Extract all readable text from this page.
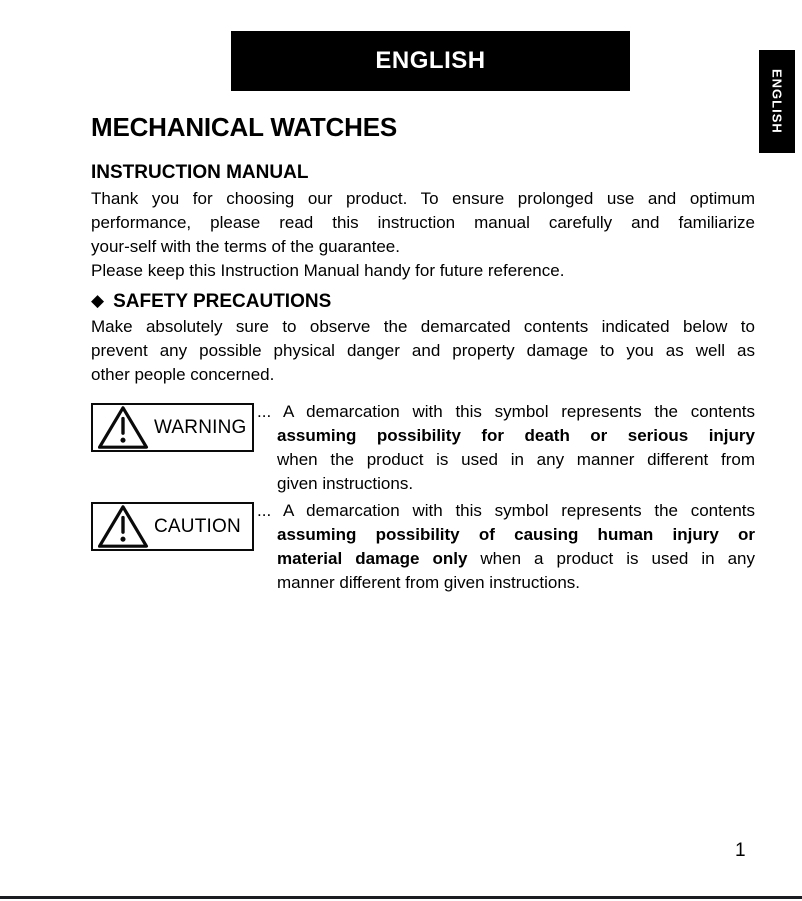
ENGLISH
ENGLISH
MECHANICAL WATCHES
INSTRUCTION MANUAL
Thank you for choosing our product. To ensure prolonged use and optimum
performance, please read this instruction manual carefully and familiarize
your-self with the terms of the guarantee.
Please keep this Instruction Manual handy for future reference.
◆ SAFETY PRECAUTIONS
Make absolutely sure to observe the demarcated contents indicated below to
prevent any possible physical danger and property damage to you as well as
other people concerned.
WARNING
... A demarcation with this symbol represents the contents
assuming possibility for death or serious injury
when the product is used in any manner different from
given instructions.
CAUTION
... A demarcation with this symbol represents the contents
assuming possibility of causing human injury or
material damage only when a product is used in any
manner different from given instructions.
1
